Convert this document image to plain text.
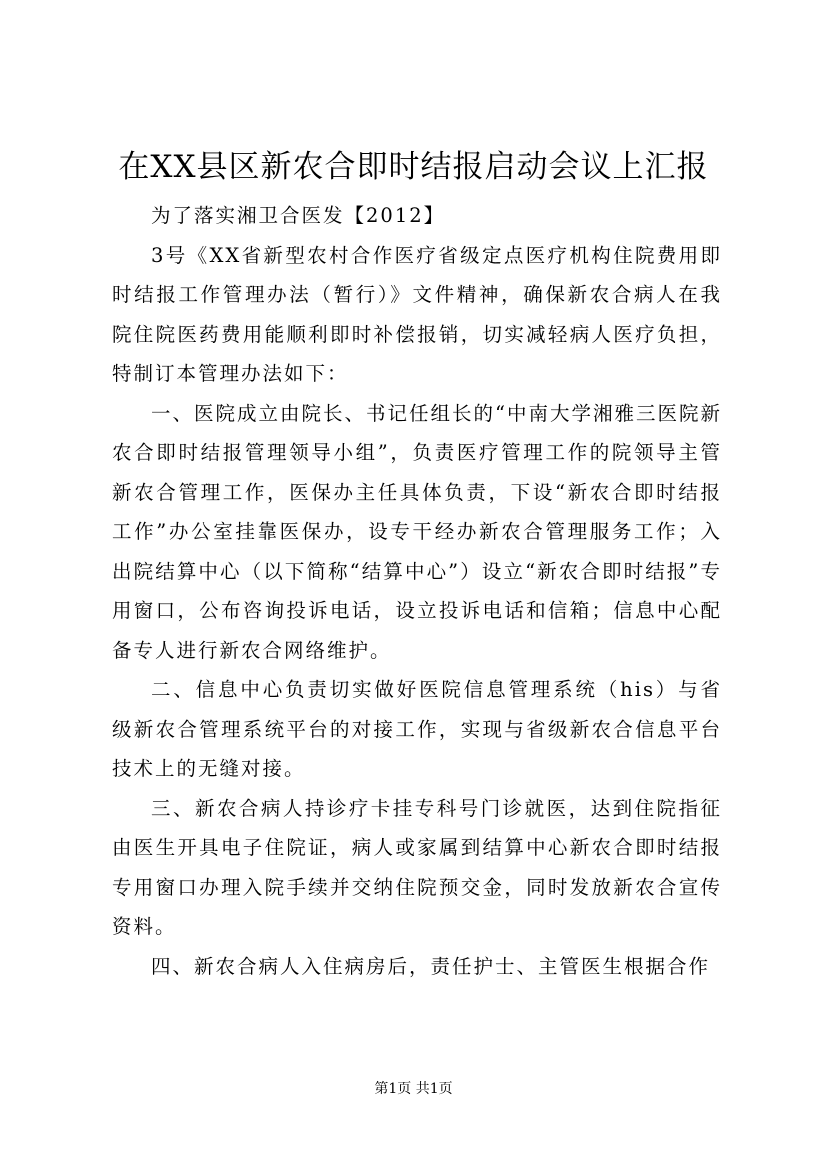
在XX县区新农合即时结报启动会议上汇报

为了落实湘卫合医发【2012】

3号《XX省新型农村合作医疗省级定点医疗机构住院费用即时结报工作管理办法（暂行）》文件精神，确保新农合病人在我院住院医药费用能顺利即时补偿报销，切实减轻病人医疗负担，特制订本管理办法如下：

一、医院成立由院长、书记任组长的“中南大学湘雅三医院新农合即时结报管理领导小组”，负责医疗管理工作的院领导主管新农合管理工作，医保办主任具体负责，下设“新农合即时结报工作”办公室挂靠医保办，设专干经办新农合管理服务工作；入出院结算中心（以下简称“结算中心”）设立“新农合即时结报”专用窗口，公布咨询投诉电话，设立投诉电话和信箱；信息中心配备专人进行新农合网络维护。

二、信息中心负责切实做好医院信息管理系统（his）与省级新农合管理系统平台的对接工作，实现与省级新农合信息平台技术上的无缝对接。

三、新农合病人持诊疗卡挂专科号门诊就医，达到住院指征由医生开具电子住院证，病人或家属到结算中心新农合即时结报专用窗口办理入院手续并交纳住院预交金，同时发放新农合宣传资料。

四、新农合病人入住病房后，责任护士、主管医生根据合作

第1页 共1页
